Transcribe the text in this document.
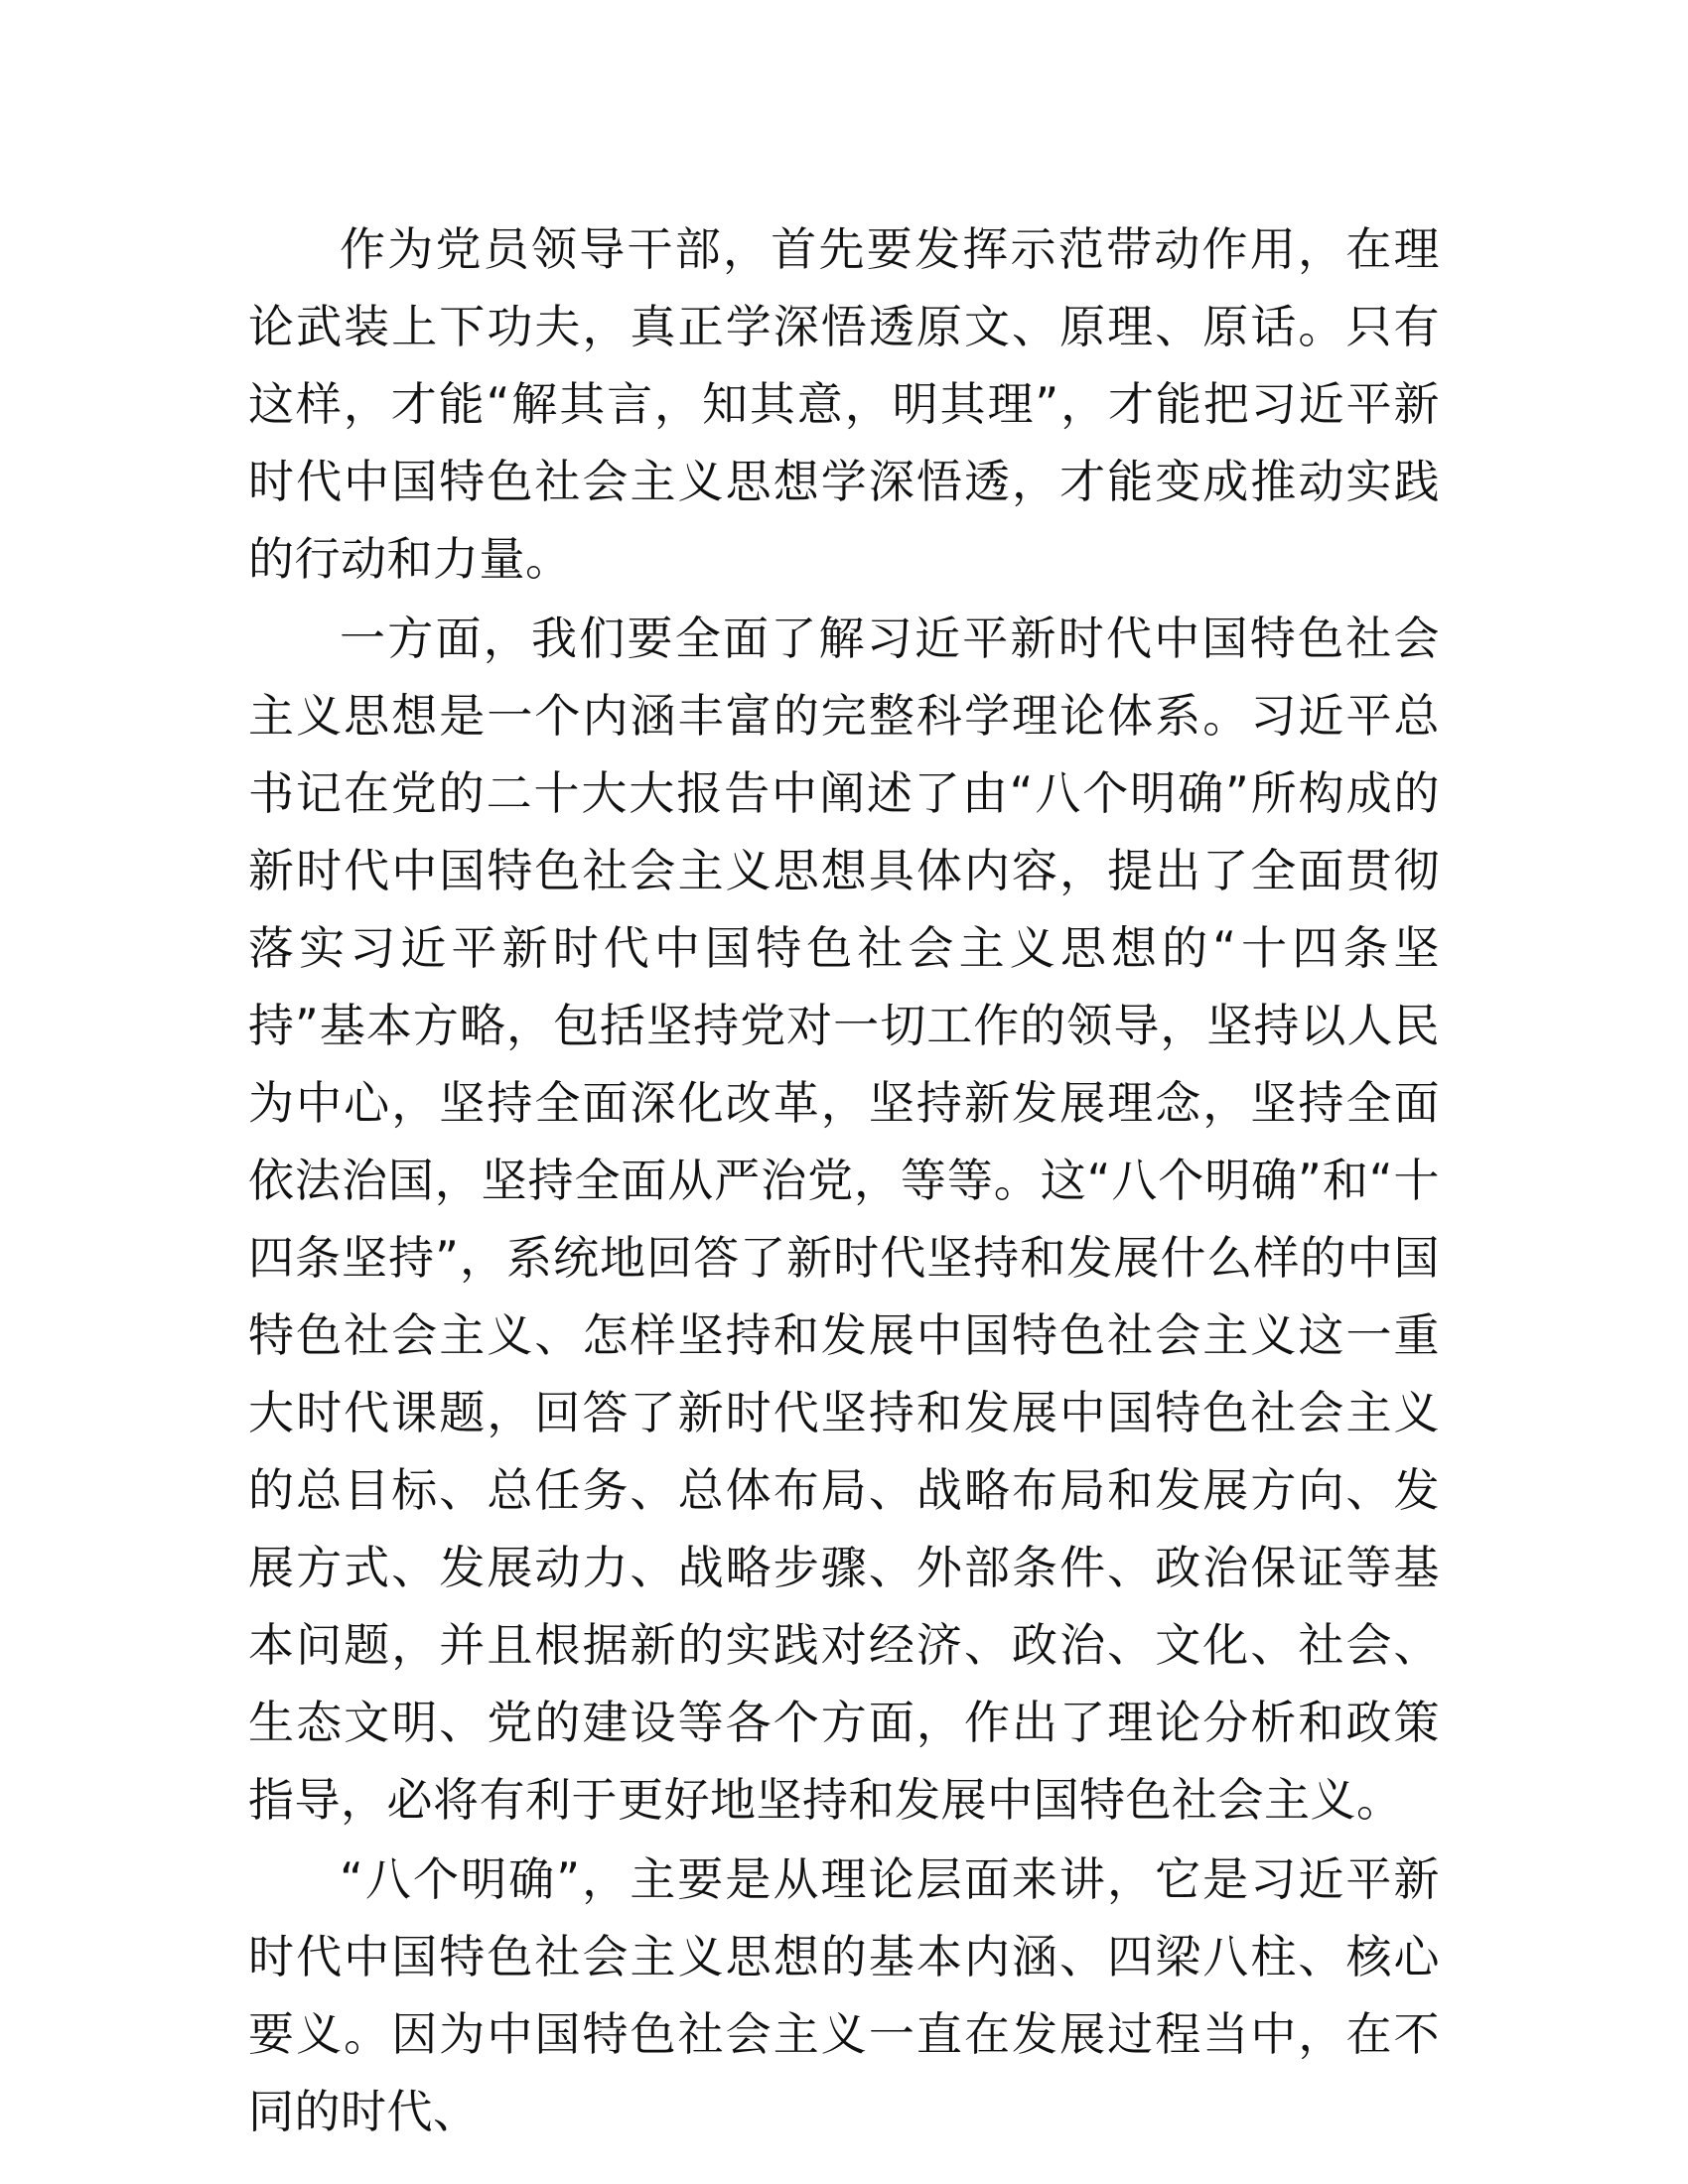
作为党员领导干部，首先要发挥示范带动作用，在理论武装上下功夫，真正学深悟透原文、原理、原话。只有这样，才能“解其言，知其意，明其理”，才能把习近平新时代中国特色社会主义思想学深悟透，才能变成推动实践的行动和力量。

一方面，我们要全面了解习近平新时代中国特色社会主义思想是一个内涵丰富的完整科学理论体系。习近平总书记在党的二十大大报告中阐述了由“八个明确”所构成的新时代中国特色社会主义思想具体内容，提出了全面贯彻落实习近平新时代中国特色社会主义思想的“十四条坚持”基本方略，包括坚持党对一切工作的领导，坚持以人民为中心，坚持全面深化改革，坚持新发展理念，坚持全面依法治国，坚持全面从严治党，等等。这“八个明确”和“十四条坚持”，系统地回答了新时代坚持和发展什么样的中国特色社会主义、怎样坚持和发展中国特色社会主义这一重大时代课题，回答了新时代坚持和发展中国特色社会主义的总目标、总任务、总体布局、战略布局和发展方向、发展方式、发展动力、战略步骤、外部条件、政治保证等基本问题，并且根据新的实践对经济、政治、文化、社会、生态文明、党的建设等各个方面，作出了理论分析和政策指导，必将有利于更好地坚持和发展中国特色社会主义。

“八个明确”，主要是从理论层面来讲，它是习近平新时代中国特色社会主义思想的基本内涵、四梁八柱、核心要义。因为中国特色社会主义一直在发展过程当中，在不同的时代、
